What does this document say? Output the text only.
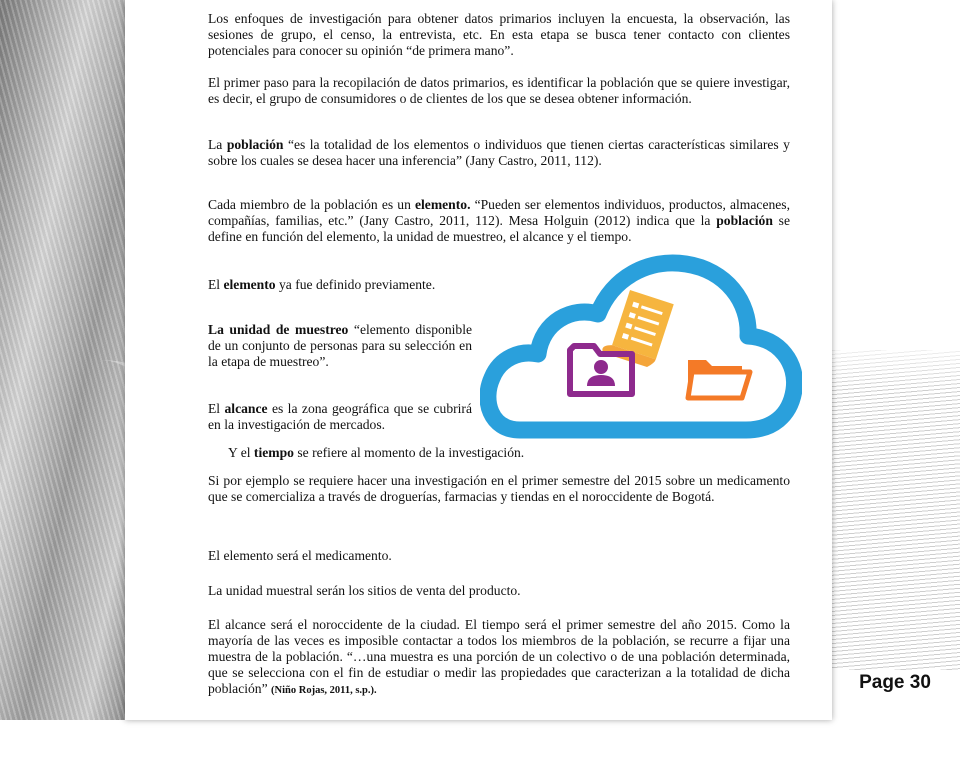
Los enfoques de investigación para obtener datos primarios incluyen la encuesta, la observación, las sesiones de grupo, el censo, la entrevista, etc. En esta etapa se busca tener contacto con clientes potenciales para conocer su opinión “de primera mano”.

El primer paso para la recopilación de datos primarios, es identificar la población que se quiere investigar, es decir, el grupo de consumidores o de clientes de los que se desea obtener información.

La población “es la totalidad de los elementos o individuos que tienen ciertas características similares y sobre los cuales se desea hacer una inferencia” (Jany Castro, 2011, 112).

Cada miembro de la población es un elemento. “Pueden ser elementos individuos, productos, almacenes, compañías, familias, etc.” (Jany Castro, 2011, 112). Mesa Holguin (2012) indica que la población se define en función del elemento, la unidad de muestreo, el alcance y el tiempo.

El elemento ya fue definido previamente.

La unidad de muestreo “elemento disponible de un conjunto de personas para su selección en la etapa de muestreo”.

El alcance es la zona geográfica que se cubrirá en la investigación de mercados.

Y el tiempo se refiere al momento de la investigación.

Si por ejemplo se requiere hacer una investigación en el primer semestre del 2015 sobre un medicamento que se comercializa a través de droguerías, farmacias y tiendas en el noroccidente de Bogotá.

El elemento será el medicamento.

La unidad muestral serán los sitios de venta del producto.

El alcance será el noroccidente de la ciudad. El tiempo será el primer semestre del año 2015. Como la mayoría de las veces es imposible contactar a todos los miembros de la población, se recurre a fijar una muestra de la población. “…una muestra es una porción de un colectivo o de una población determinada, que se selecciona con el fin de estudiar o medir las propiedades que caracterizan a la totalidad de dicha población” (Niño Rojas, 2011, s.p.).	Page 30
